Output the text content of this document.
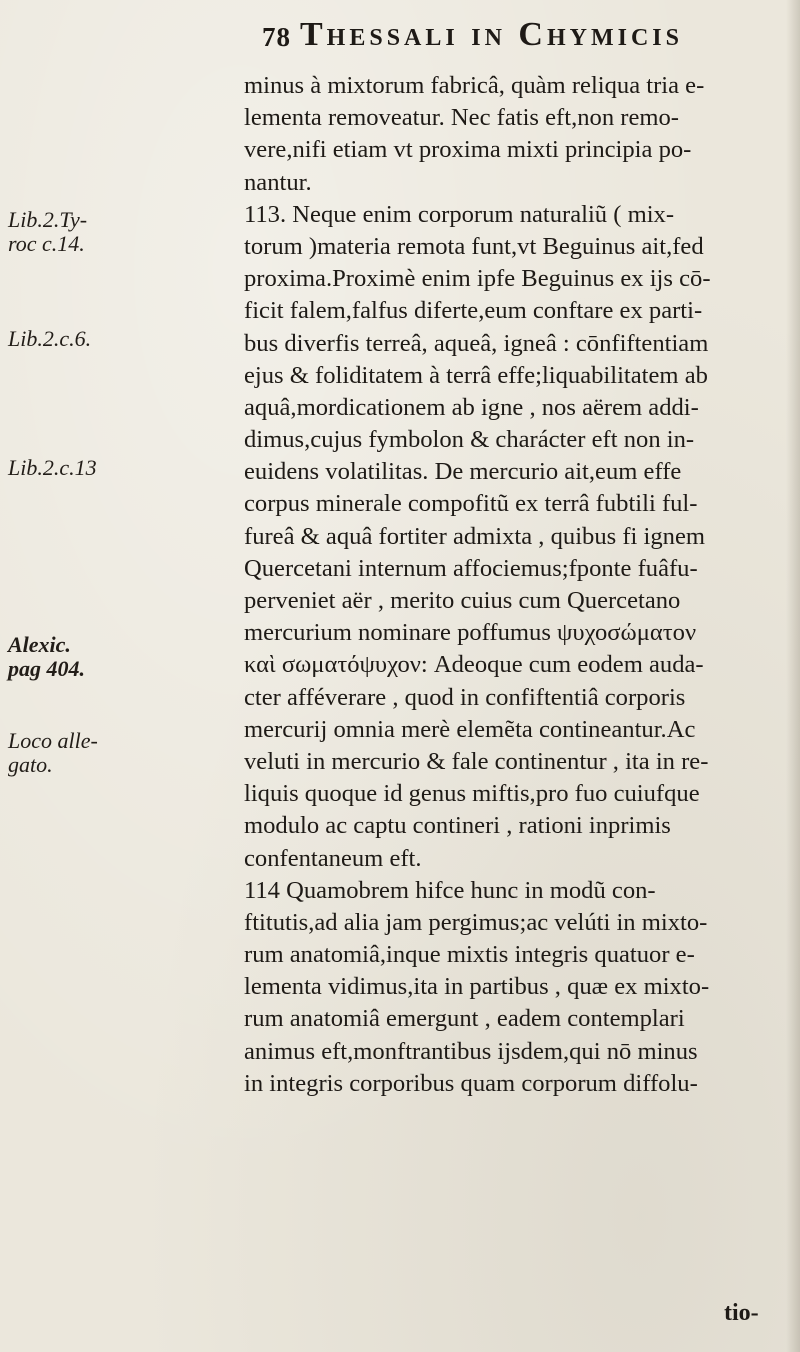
78 Thessali in Chymicis
Lib.2.Ty-
roc c.14.
Lib.2.c.6.
Lib.2.c.13
Alexic.
pag 404.
Loco alle-
gato.
minus à mixtorum fabricâ, quàm reliqua tria e-
lementa removeatur. Nec fatis eft,non remo-
vere,nifi etiam vt proxima mixti principia po-
nantur.
113. Neque enim corporum naturaliũ ( mix-
torum )materia remota funt,vt Beguinus ait,fed
proxima.Proximè enim ipfe Beguinus ex ijs cō-
ficit falem,falfus diferte,eum conftare ex parti-
bus diverfis terreâ, aqueâ, igneâ : cōnfiftentiam
ejus & foliditatem à terrâ effe;liquabilitatem ab
aquâ,mordicationem ab igne , nos aërem addi-
dimus,cujus fymbolon & charácter eft non in-
euidens volatilitas. De mercurio ait,eum effe
corpus minerale compofitũ ex terrâ fubtili ful-
fureâ & aquâ fortiter admixta , quibus fi ignem
Quercetani internum affociemus;fponte fuâfu-
perveniet aër , merito cuius cum Quercetano
mercurium nominare poffumus ψυχοσώματον
καὶ σωματόψυχον: Adeoque cum eodem auda-
cter afféverare , quod in confiftentiâ corporis
mercurij omnia merè elemẽta contineantur.Ac
veluti in mercurio & fale continentur , ita in re-
liquis quoque id genus miftis,pro fuo cuiufque
modulo ac captu contineri , rationi inprimis
confentaneum eft.
114 Quamobrem hifce hunc in modũ con-
ftitutis,ad alia jam pergimus;ac velúti in mixto-
rum anatomiâ,inque mixtis integris quatuor e-
lementa vidimus,ita in partibus , quæ ex mixto-
rum anatomiâ emergunt , eadem contemplari
animus eft,monftrantibus ijsdem,qui nō minus
in integris corporibus quam corporum diffolu-
tio-
